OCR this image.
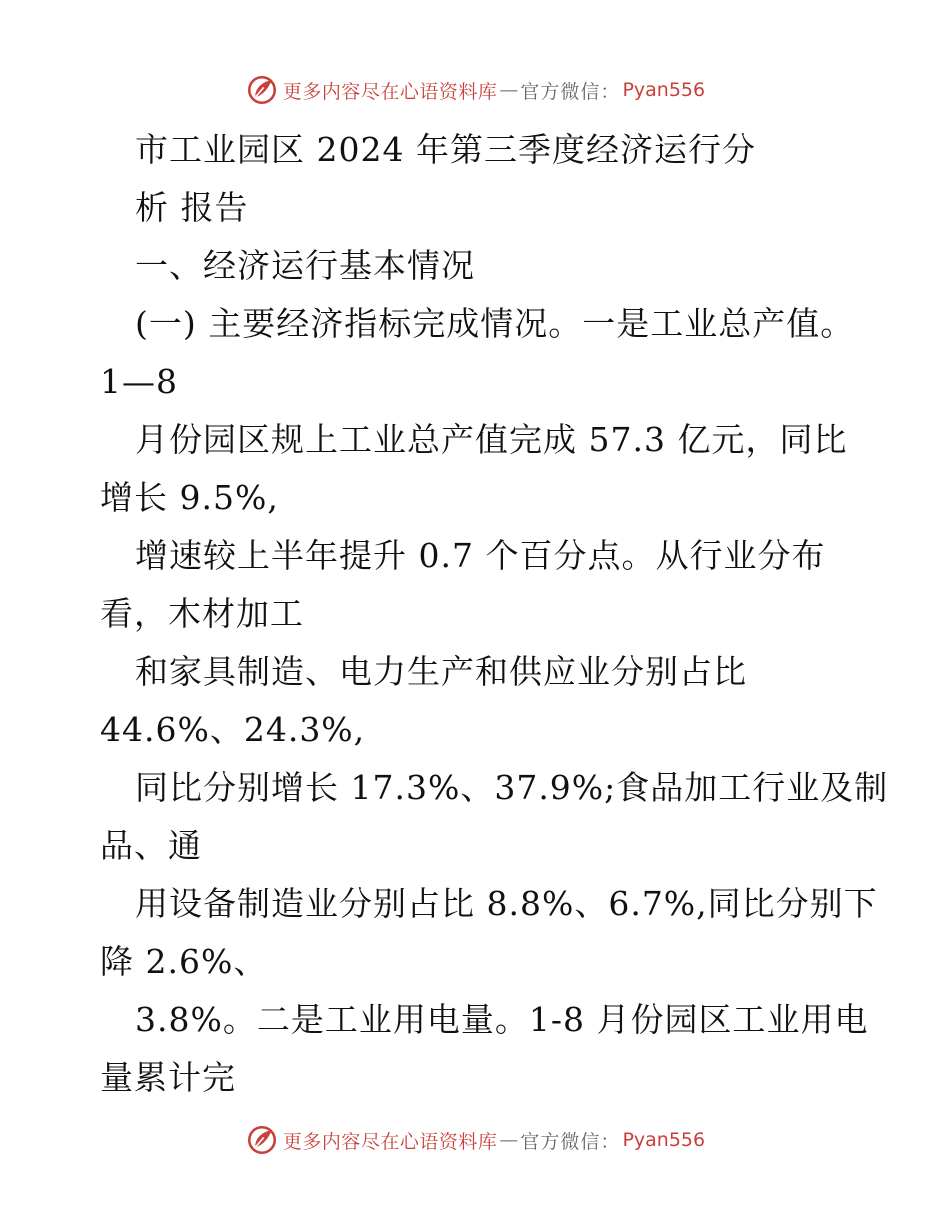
更多内容尽在心语资料库 — 官方微信： Pyan556
市工业园区 2024 年第三季度经济运行分
析 报告
一、经济运行基本情况
(一) 主要经济指标完成情况。一是工业总产值。
1—8
月份园区规上工业总产值完成 57.3 亿元，同比
增长 9.5%,
增速较上半年提升 0.7 个百分点。从行业分布
看，木材加工
和家具制造、电力生产和供应业分别占比
44.6%、24.3%,
同比分别增长 17.3%、37.9%;食品加工行业及制
品、通
用设备制造业分别占比 8.8%、6.7%,同比分别下
降 2.6%、
3.8%。二是工业用电量。1-8 月份园区工业用电
量累计完
更多内容尽在心语资料库 — 官方微信： Pyan556
